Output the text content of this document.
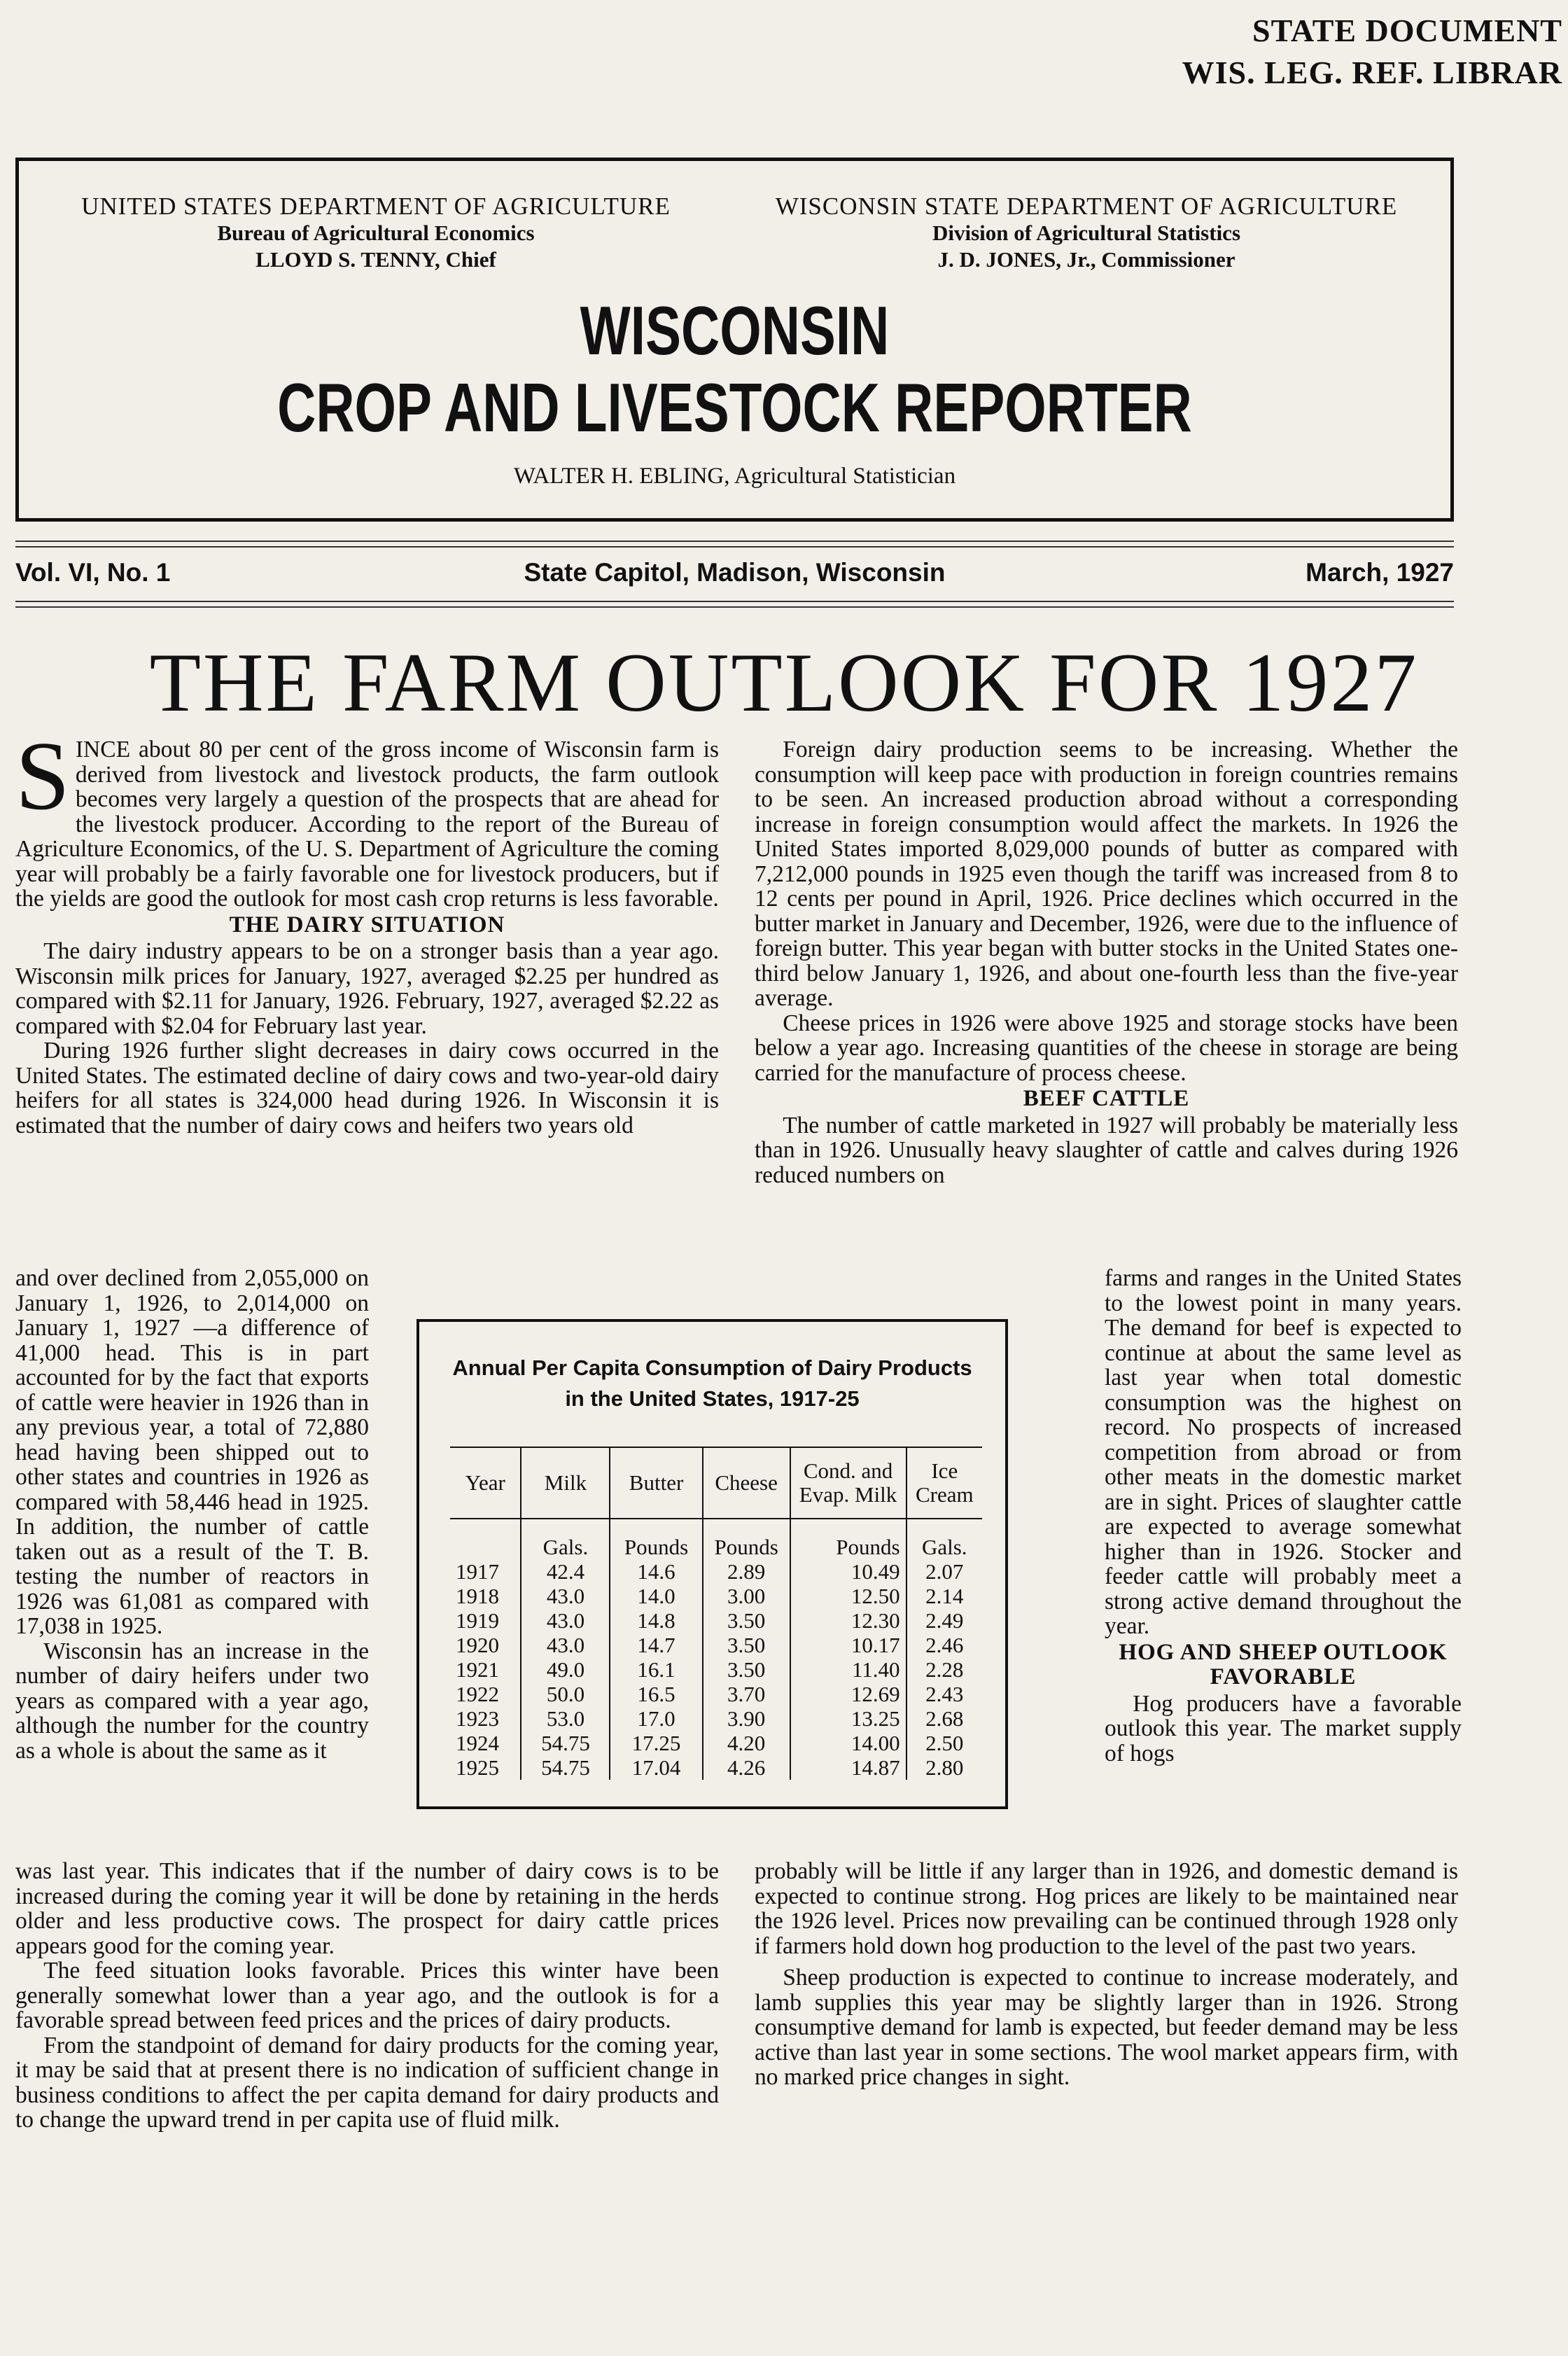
STATE DOCUMENT
WIS. LEG. REF. LIBRAR
UNITED STATES DEPARTMENT OF AGRICULTURE
Bureau of Agricultural Economics
LLOYD S. TENNY, Chief
WISCONSIN STATE DEPARTMENT OF AGRICULTURE
Division of Agricultural Statistics
J. D. JONES, Jr., Commissioner
WISCONSIN
CROP AND LIVESTOCK REPORTER
WALTER H. EBLING, Agricultural Statistician
Vol. VI, No. 1	State Capitol, Madison, Wisconsin	March, 1927
THE FARM OUTLOOK FOR 1927

SINCE about 80 per cent of the gross income of Wisconsin farm is derived from livestock and livestock products, the farm outlook becomes very largely a question of the prospects that are ahead for the livestock producer. According to the report of the Bureau of Agriculture Economics, of the U. S. Department of Agriculture the coming year will probably be a fairly favorable one for livestock producers, but if the yields are good the outlook for most cash crop returns is less favorable.

THE DAIRY SITUATION

The dairy industry appears to be on a stronger basis than a year ago. Wisconsin milk prices for January, 1927, averaged $2.25 per hundred as compared with $2.11 for January, 1926. February, 1927, averaged $2.22 as compared with $2.04 for February last year.

During 1926 further slight decreases in dairy cows occurred in the United States. The estimated decline of dairy cows and two-year-old dairy heifers for all states is 324,000 head during 1926. In Wisconsin it is estimated that the number of dairy cows and heifers two years old

and over declined from 2,055,000 on January 1, 1926, to 2,014,000 on January 1, 1927 —a difference of 41,000 head. This is in part accounted for by the fact that exports of cattle were heavier in 1926 than in any previous year, a total of 72,880 head having been shipped out to other states and countries in 1926 as compared with 58,446 head in 1925. In addition, the number of cattle taken out as a result of the T. B. testing the number of reactors in 1926 was 61,081 as compared with 17,038 in 1925.

Wisconsin has an increase in the number of dairy heifers under two years as compared with a year ago, although the number for the country as a whole is about the same as it

was last year. This indicates that if the number of dairy cows is to be increased during the coming year it will be done by retaining in the herds older and less productive cows. The prospect for dairy cattle prices appears good for the coming year.

The feed situation looks favorable. Prices this winter have been generally somewhat lower than a year ago, and the outlook is for a favorable spread between feed prices and the prices of dairy products.

From the standpoint of demand for dairy products for the coming year, it may be said that at present there is no indication of sufficient change in business conditions to affect the per capita demand for dairy products and to change the upward trend in per capita use of fluid milk.

Foreign dairy production seems to be increasing. Whether the consumption will keep pace with production in foreign countries remains to be seen. An increased production abroad without a corresponding increase in foreign consumption would affect the markets. In 1926 the United States imported 8,029,000 pounds of butter as compared with 7,212,000 pounds in 1925 even though the tariff was increased from 8 to 12 cents per pound in April, 1926. Price declines which occurred in the butter market in January and December, 1926, were due to the influence of foreign butter. This year began with butter stocks in the United States one-third below January 1, 1926, and about one-fourth less than the five-year average.

Cheese prices in 1926 were above 1925 and storage stocks have been below a year ago. Increasing quantities of the cheese in storage are being carried for the manufacture of process cheese.

BEEF CATTLE

The number of cattle marketed in 1927 will probably be materially less than in 1926. Unusually heavy slaughter of cattle and calves during 1926 reduced numbers on

farms and ranges in the United States to the lowest point in many years. The demand for beef is expected to continue at about the same level as last year when total domestic consumption was the highest on record. No prospects of increased competition from abroad or from other meats in the domestic market are in sight. Prices of slaughter cattle are expected to average somewhat higher than in 1926. Stocker and feeder cattle will probably meet a strong active demand throughout the year.

HOG AND SHEEP OUTLOOK FAVORABLE

Hog producers have a favorable outlook this year. The market supply of hogs

probably will be little if any larger than in 1926, and domestic demand is expected to continue strong. Hog prices are likely to be maintained near the 1926 level. Prices now prevailing can be continued through 1928 only if farmers hold down hog production to the level of the past two years.

Sheep production is expected to continue to increase moderately, and lamb supplies this year may be slightly larger than in 1926. Strong consumptive demand for lamb is expected, but feeder demand may be less active than last year in some sections. The wool market appears firm, with no marked price changes in sight.

Annual Per Capita Consumption of Dairy Products
in the United States, 1917-25
Year	Milk	Butter	Cheese	Cond. and Evap. Milk	Ice Cream
	Gals.	Pounds	Pounds	Pounds	Gals.
1917	42.4	14.6	2.89	10.49	2.07
1918	43.0	14.0	3.00	12.50	2.14
1919	43.0	14.8	3.50	12.30	2.49
1920	43.0	14.7	3.50	10.17	2.46
1921	49.0	16.1	3.50	11.40	2.28
1922	50.0	16.5	3.70	12.69	2.43
1923	53.0	17.0	3.90	13.25	2.68
1924	54.75	17.25	4.20	14.00	2.50
1925	54.75	17.04	4.26	14.87	2.80
